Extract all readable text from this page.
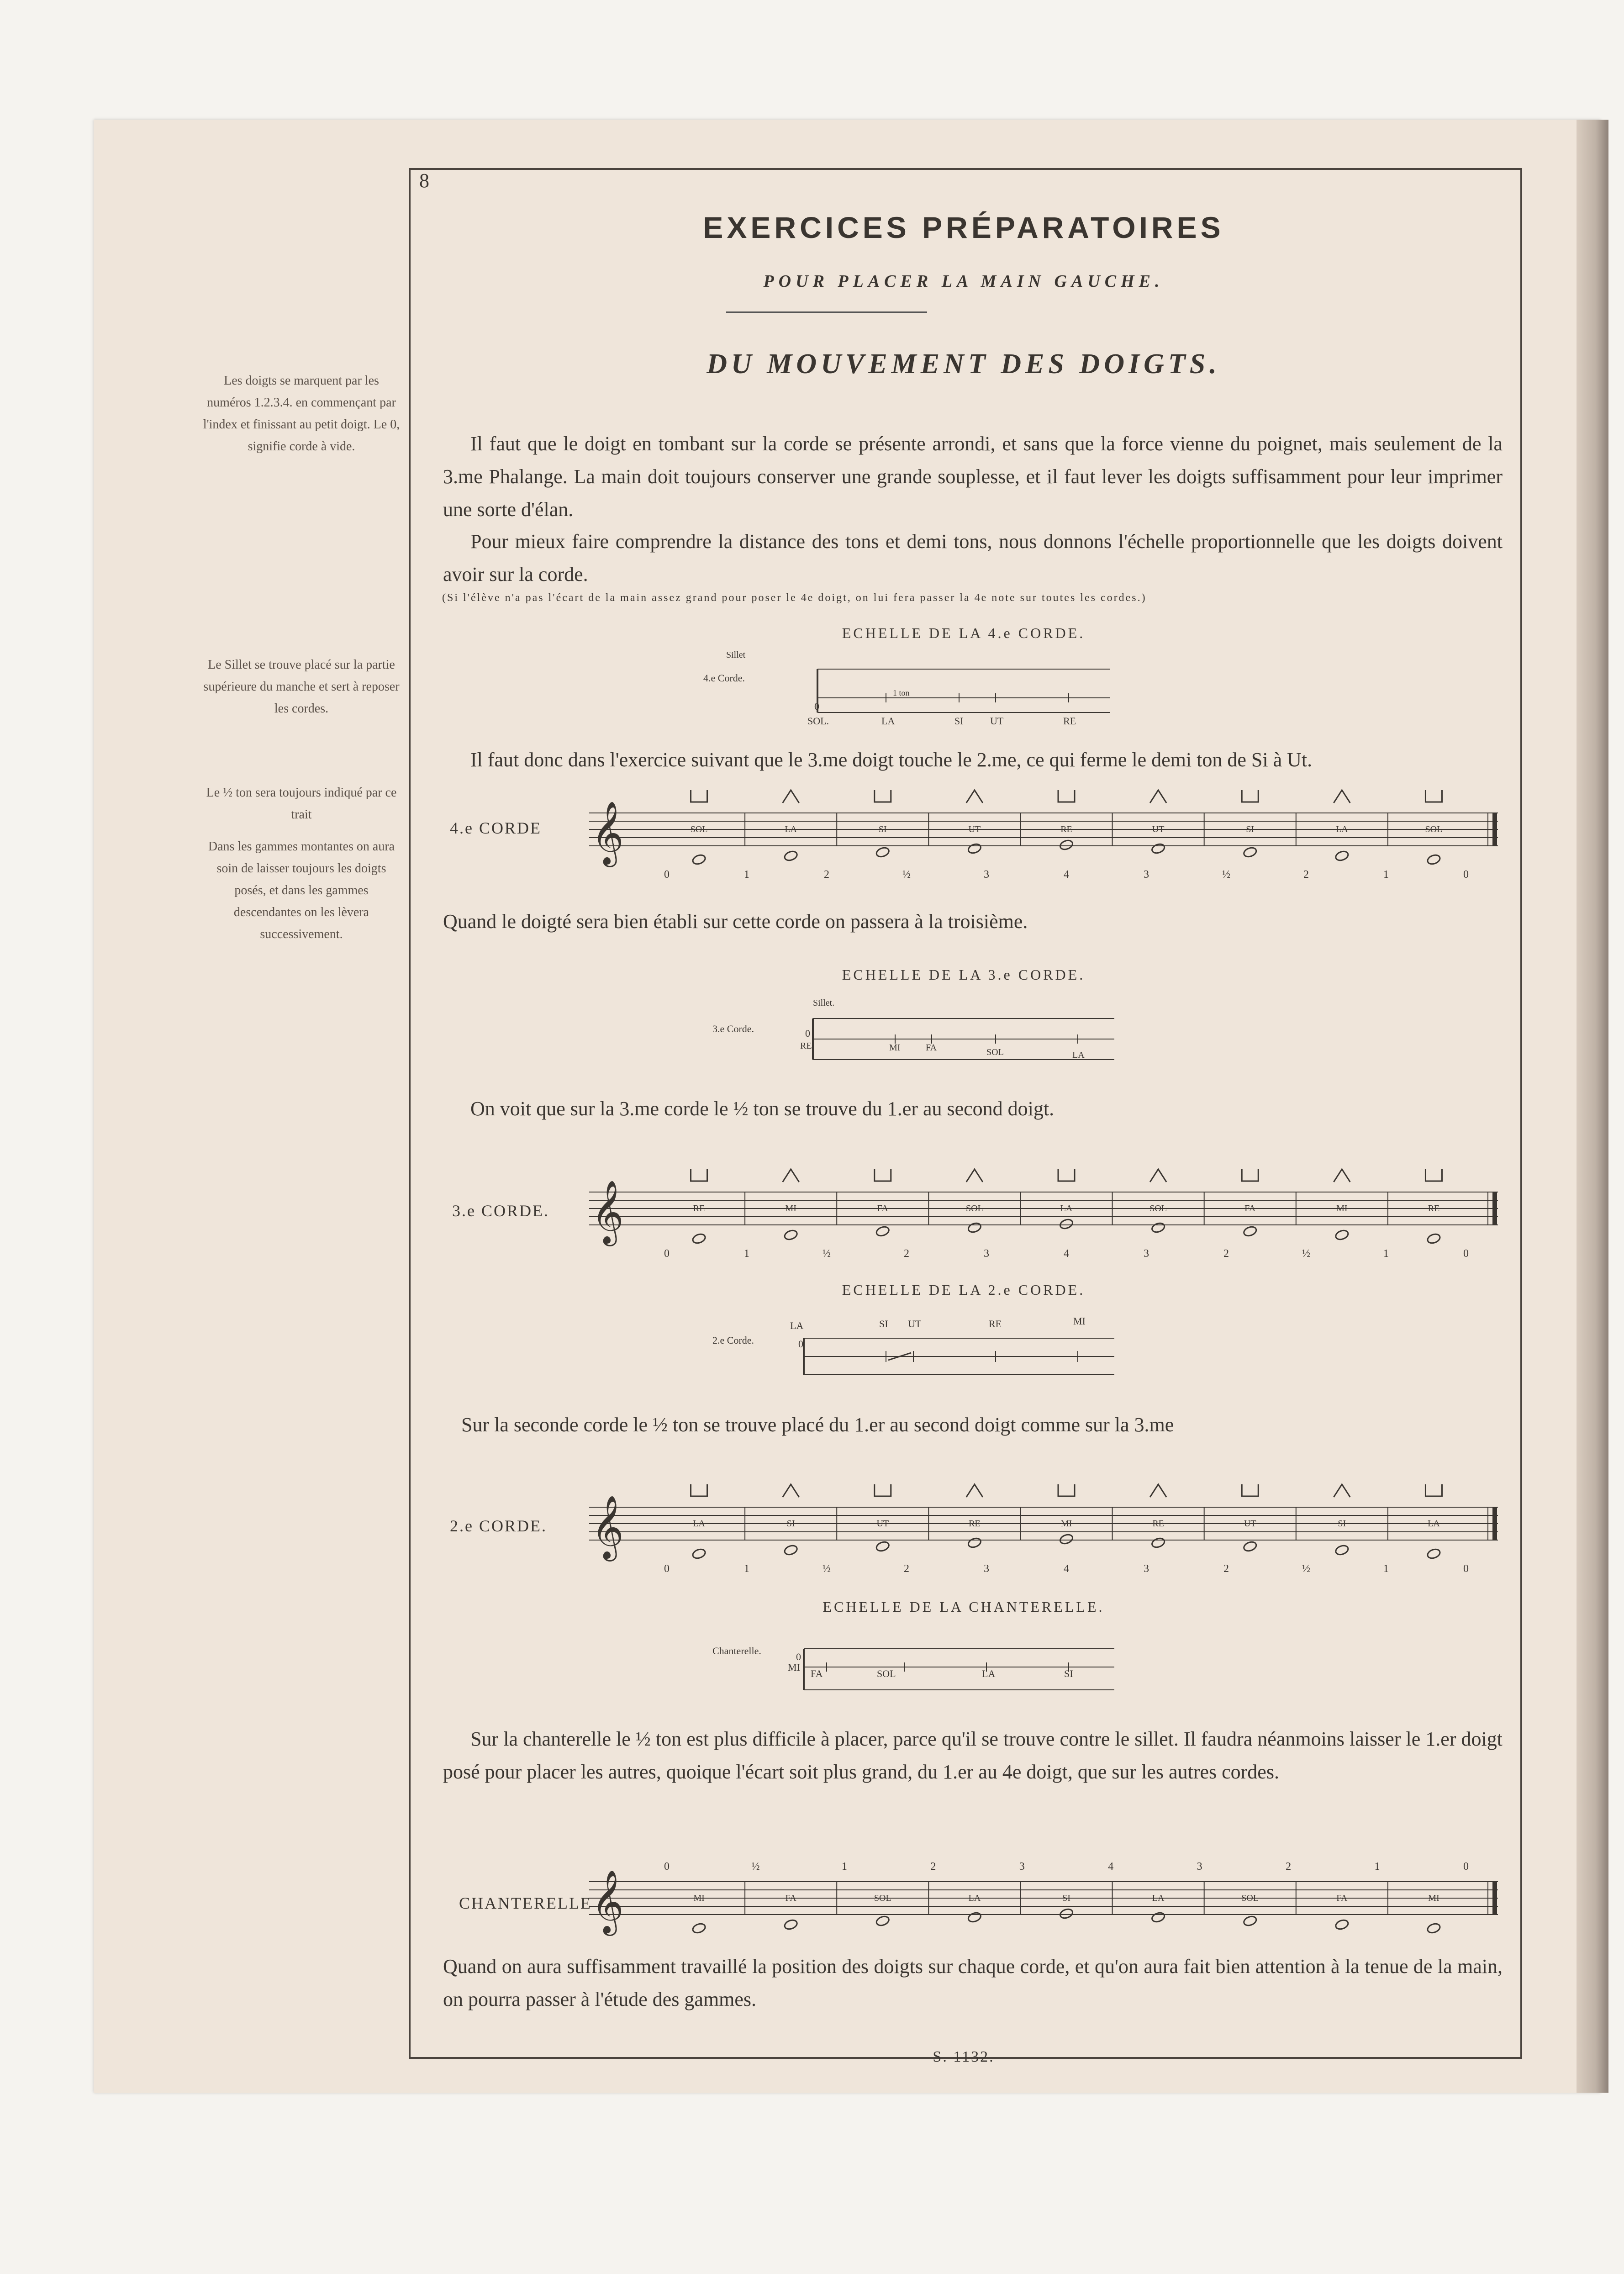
8
EXERCICES PRÉPARATOIRES
POUR PLACER LA MAIN GAUCHE.
DU MOUVEMENT DES DOIGTS.
Les doigts se marquent par les numéros 1.2.3.4. en commençant par l'index et finissant au petit doigt. Le 0, signifie corde à vide.
Le Sillet se trouve placé sur la partie supérieure du manche et sert à reposer les cordes.
Le ½ ton sera toujours indiqué par ce trait
Dans les gammes montantes on aura soin de laisser toujours les doigts posés, et dans les gammes descendantes on les lèvera successivement.
Il faut que le doigt en tombant sur la corde se présente arrondi, et sans que la force vienne du poignet, mais seulement de la 3.me Phalange. La main doit toujours conserver une grande souplesse, et il faut lever les doigts suffisamment pour leur imprimer une sorte d'élan.
Pour mieux faire comprendre la distance des tons et demi tons, nous donnons l'échelle proportionnelle que les doigts doivent avoir sur la corde.
(Si l'élève n'a pas l'écart de la main assez grand pour poser le 4e doigt, on lui fera passer la 4e note sur toutes les cordes.)
Il faut donc dans l'exercice suivant que le 3.me doigt touche le 2.me, ce qui ferme le demi ton de Si à Ut.
Quand le doigté sera bien établi sur cette corde on passera à la troisième.
On voit que sur la 3.me corde le ½ ton se trouve du 1.er au second doigt.
Sur la seconde corde le ½ ton se trouve placé du 1.er au second doigt comme sur la 3.me
Sur la chanterelle le ½ ton est plus difficile à placer, parce qu'il se trouve contre le sillet. Il faudra néanmoins laisser le 1.er doigt posé pour placer les autres, quoique l'écart soit plus grand, du 1.er au 4e doigt, que sur les autres cordes.
Quand on aura suffisamment travaillé la position des doigts sur chaque corde, et qu'on aura fait bien attention à la tenue de la main, on pourra passer à l'étude des gammes.
ECHELLE DE LA 4.e CORDE.
ECHELLE DE LA 3.e CORDE.
ECHELLE DE LA 2.e CORDE.
ECHELLE DE LA CHANTERELLE.
Sillet
4.e Corde.
1 ton
0
SOL.	LA	SI	UT	RE
Sillet.
3.e Corde.	0
RE	MI	FA	SOL	LA
2.e Corde.	0
LA	SI UT	RE	MI
Chanterelle.
0
MI
FA	SOL	LA	SI
4.e CORDE
3.e CORDE.
2.e CORDE.
CHANTERELLE
𝄞	SOL	LA	SI	UT	RE	UT	SI	LA	SOL
0	1	2	½	3	4	3	½	2	1	0
𝄞	RE	MI	FA	SOL	LA	SOL	FA	MI	RE
0	1	½	2	3	4	3	2	½	1	0
𝄞	LA	SI	UT	RE	MI	RE	UT	SI	LA
0	1	½	2	3	4	3	2	½	1	0
𝄞	MI	FA	SOL	LA	SI	LA	SOL	FA	MI
0	½	1	2	3	4	3	2	1	0
S. 1132.
